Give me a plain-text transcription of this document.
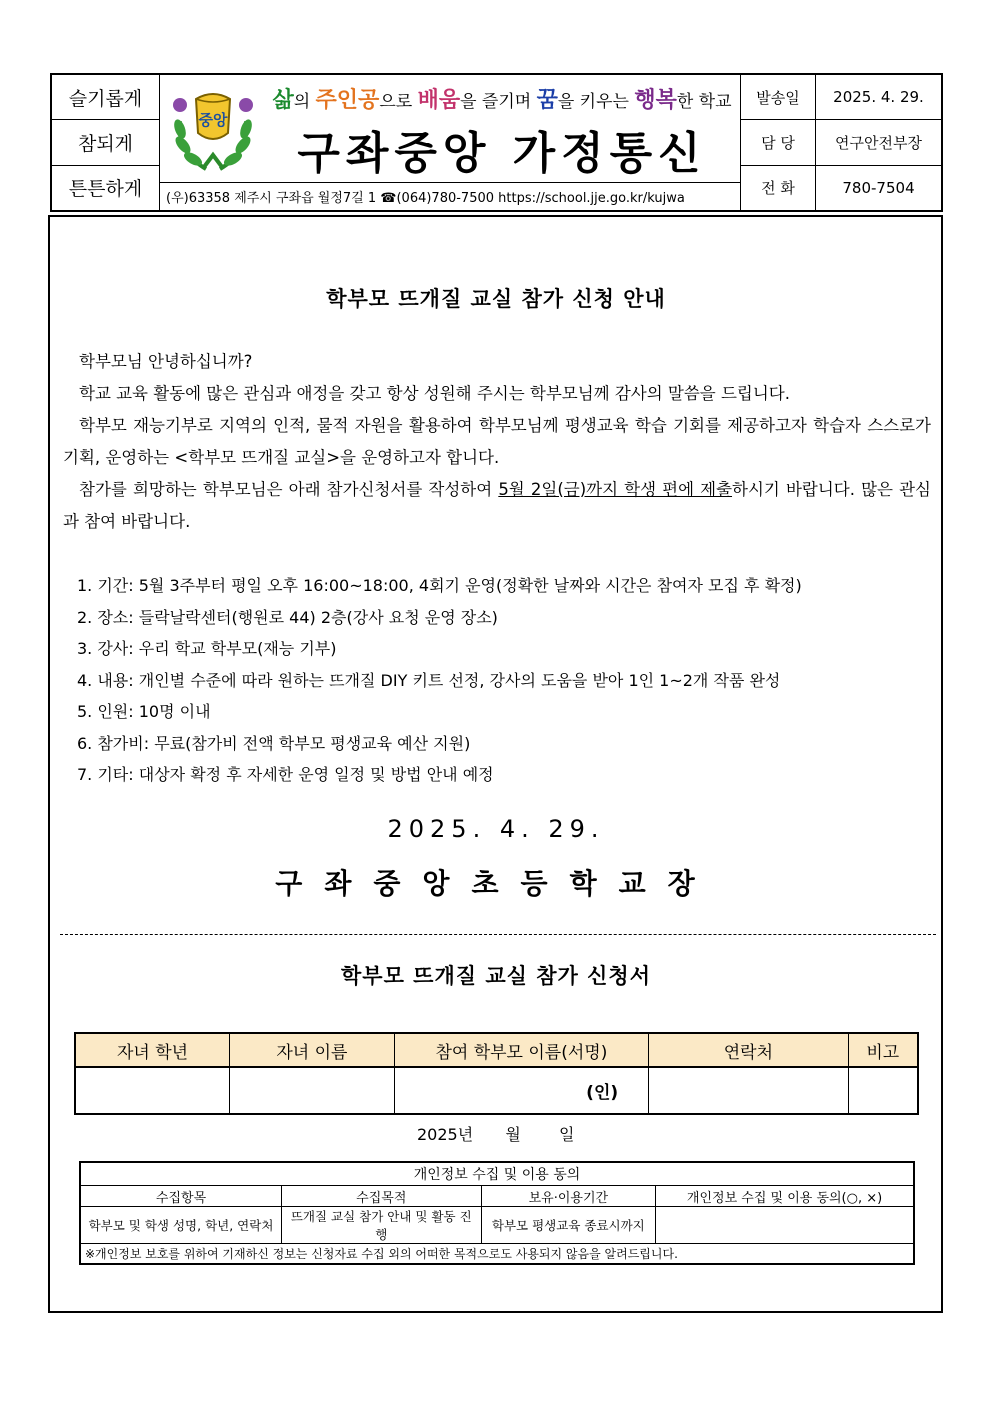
슬기롭게
참되게
튼튼하게
중앙
삶의 주인공으로 배움을 즐기며 꿈을 키우는 행복한 학교
구좌중앙 가정통신
(우)63358 제주시 구좌읍 월정7길 1 ☎(064)780-7500 https://school.jje.go.kr/kujwa
발송일	2025. 4. 29.
담 당	연구안전부장
전 화	780-7504
학부모 뜨개질 교실 참가 신청 안내
학부모님 안녕하십니까?
학교 교육 활동에 많은 관심과 애정을 갖고 항상 성원해 주시는 학부모님께 감사의 말씀을 드립니다.
학부모 재능기부로 지역의 인적, 물적 자원을 활용하여 학부모님께 평생교육 학습 기회를 제공하고자 학습자 스스로가 기획, 운영하는 <학부모 뜨개질 교실>을 운영하고자 합니다.
참가를 희망하는 학부모님은 아래 참가신청서를 작성하여 5월 2일(금)까지 학생 편에 제출하시기 바랍니다. 많은 관심과 참여 바랍니다.
1. 기간: 5월 3주부터 평일 오후 16:00~18:00, 4회기 운영(정확한 날짜와 시간은 참여자 모집 후 확정)
2. 장소: 들락날락센터(행원로 44) 2층(강사 요청 운영 장소)
3. 강사: 우리 학교 학부모(재능 기부)
4. 내용: 개인별 수준에 따라 원하는 뜨개질 DIY 키트 선정, 강사의 도움을 받아 1인 1~2개 작품 완성
5. 인원: 10명 이내
6. 참가비: 무료(참가비 전액 학부모 평생교육 예산 지원)
7. 기타: 대상자 확정 후 자세한 운영 일정 및 방법 안내 예정
2025. 4. 29.
구좌중앙초등학교장
학부모 뜨개질 교실 참가 신청서
자녀 학년	자녀 이름	참여 학부모 이름(서명)	연락처	비고
		(인)		
2025년 월 일
개인정보 수집 및 이용 동의			
수집항목	수집목적	보유·이용기간	개인정보 수집 및 이용 동의(○, ×)
학부모 및 학생 성명, 학년, 연락처	뜨개질 교실 참가 안내 및 활동 진행	학부모 평생교육 종료시까지	
※개인정보 보호를 위하여 기재하신 정보는 신청자료 수집 외의 어떠한 목적으로도 사용되지 않음을 알려드립니다.			
